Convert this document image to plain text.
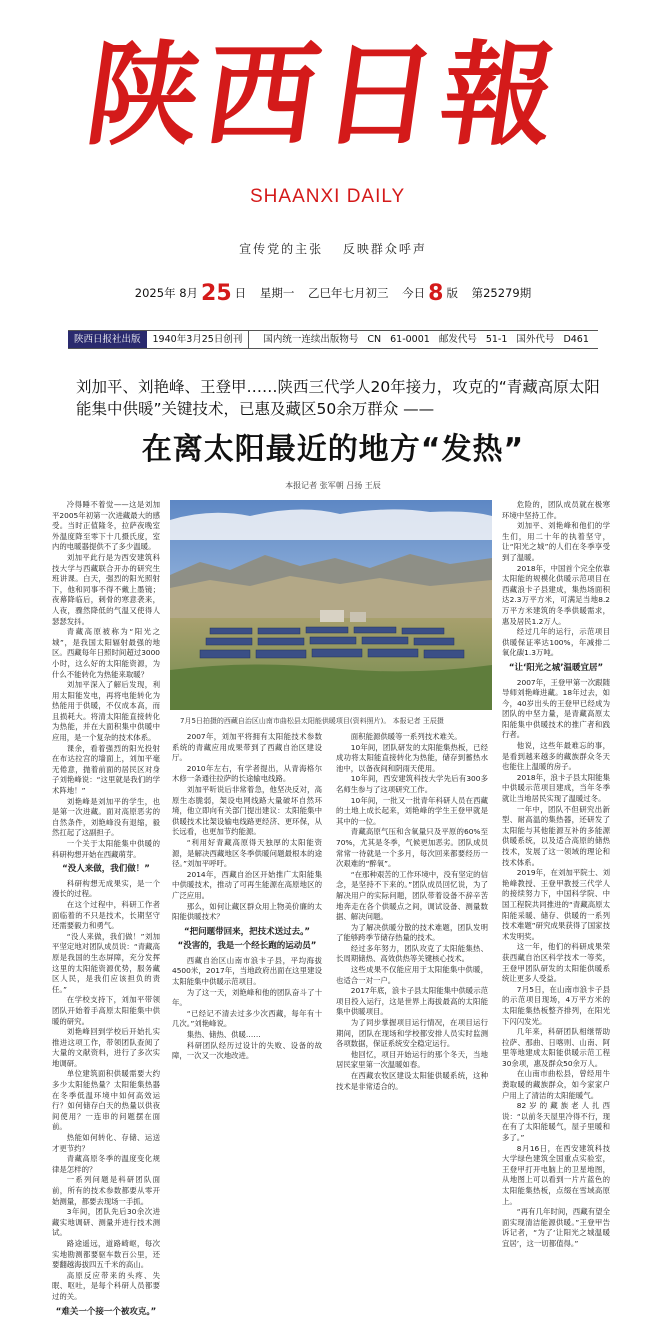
陕西日報
SHAANXI DAILY
宣传党的主张 反映群众呼声
2025年 8月 25 日 星期一 乙巳年七月初三 今日 8 版 第25279期
陕西日报社出版 1940年3月25日创刊 国内统一连续出版物号 CN 61-0001 邮发代号 51-1 国外代号 D461
刘加平、刘艳峰、王登甲……陕西三代学人20年接力，攻克的“青藏高原太阳能集中供暖”关键技术，已惠及藏区50余万群众 ——
在离太阳最近的地方“发热”
本报记者 张军朝 吕扬 王辰
7月5日拍摄的西藏自治区山南市曲松县太阳能供暖项目(资料照片)。 本报记者 王辰摄

冷得睡不着觉——这是刘加平2005年初第一次进藏最大的感受。当时正值隆冬，拉萨夜晚室外温度降至零下十几摄氏度，室内的电暖器提供不了多少温暖。

刘加平此行是为西安建筑科技大学与西藏联合开办的研究生班讲课。白天，强烈的阳光照射下，他和同事不得不戴上墨镜；夜幕降临后，刺骨的寒意袭来，人夜，骤然降低的气温又使得人瑟瑟发抖。

青藏高原被称为“阳光之城”，是我国太阳辐射最强的地区。西藏每年日照时间超过3000小时，这么好的太阳能资源，为什么不能转化为热能来取暖？

刘加平深入了解后发现，利用太阳能发电，再将电能转化为热能用于供暖，不仅成本高，而且损耗大。将清太阳能直接转化为热能，并在大面积集中供暖中应用，是一个复杂的技术体系。

课余，看着强烈的阳光投射在布达拉宫的墙面上，刘加平毫无倦意，抛着前面的居民区对身子刘艳峰说：“这里就是我们的学术阵地！”

刘艳峰是刘加平的学生，也是第一次进藏。面对高原恶劣的自然条件，刘艳峰没有退缩，毅然扛起了这副担子。

一个关于太阳能集中供暖的科研构想开始在西藏萌芽。

“没人来做，我们做！”

科研构想无成果实，是一个漫长的过程。

在这个过程中，科研工作者面临着的不只是技术，长期坚守还需要毅力和勇气。

“没人来做，我们做！”刘加平坚定地对团队成员说：“青藏高原是我国的生态屏障，充分发挥这里的太阳能资源优势，服务藏区人民，是我们应该担负的责任。”

在学校支持下，刘加平带领团队开始着手高原太阳能集中供暖的研究。

刘艳峰回到学校后开始扎实推进这项工作，带领团队查阅了大量的文献资料，进行了多次实地调研。

单位建筑面积供暖需要大约多少太阳能热量？太阳能集热器在冬季低温环境中如何高效运行？如何储存白天的热量以供夜间使用？一连串的问题摆在面前。

热能如何转化、存储、运送才更节约？

青藏高原冬季的温度变化规律是怎样的？

一系列问题是科研团队面前，所有的技术参数都要从零开始测量，都要去现场一手抓。

3年间，团队先后30余次进藏实地调研、测量并进行技术测试。

路途遥远，道路崎岖，每次实地勘测都要驱车数百公里，还要翻越海拔四五千米的高山。

高原反应带来的头疼、失眠、呕吐，是每个科研人员都要过的关。

“难关一个接一个被攻克。”

2007年，刘加平将拥有太阳能技术参数系统的青藏应用成果带到了西藏自治区建设厅。

2010年左右，有学者提出，从青海格尔木修一条通往拉萨的长途输电线路。

刘加平听说后非常着急，他坚决反对，高原生态脆弱，架设电网线路大量破坏自然环境，他立即向有关部门提出建议：太阳能集中供暖技术比架设输电线路更经济、更环保，从长远看，也更加节约能源。

“利用好青藏高原得天独厚的太阳能资源，是解决西藏地区冬季供暖问题最根本的途径。”刘加平呼吁。

2014年，西藏自治区开始推广太阳能集中供暖技术，推动了可再生能源在高原地区的广泛应用。

那么，如何让藏区群众用上物美价廉的太阳能供暖技术？

“把问题带回来，把技术送过去。”

“没害的，我是一个经长跑的运动员”

西藏自治区山南市浪卡子县，平均海拔4500米，2017年，当地政府出面在这里建设太阳能集中供暖示范项目。

为了这一天，刘艳峰和他的团队奋斗了十年。

“已经记不清去过多少次西藏，每年有十几次。”刘艳峰说。

集热、储热、供暖……

科研团队经历过设计的失败、设备的故障，一次又一次地改进。

面积能源供暖等一系列技术难关。

10年间，团队研发的太阳能集热板，已经成功将太阳能直接转化为热能，储存到蓄热水池中，以备夜间和阴雨天使用。

10年间，西安建筑科技大学先后有300多名师生参与了这项研究工作。

10年间，一批又一批青年科研人员在西藏的土地上成长起来，刘艳峰的学生王登甲就是其中的一位。

青藏高原气压和含氧量只及平原的60%至70%，尤其是冬季，气候更加恶劣。团队成员常常一待就是一个多月，每次回来都要经历一次艰难的“醉氧”。

“在那种艰苦的工作环境中，没有坚定的信念，是坚持不下来的。”团队成员回忆说，为了解决用户的实际问题，团队带着设备不辞辛苦地奔走在各个供暖点之间，调试设备、测量数据、解决问题。

为了解决供暖分散的技术难题，团队发明了能够跨季节储存热量的技术。

经过多年努力，团队攻克了太阳能集热、长周期储热、高效供热等关键核心技术。

这些成果不仅能应用于太阳能集中供暖，也适合一对一户。

2017年底，浪卡子县太阳能集中供暖示范项目投入运行，这是世界上海拔最高的太阳能集中供暖项目。

为了同步掌握项目运行情况，在项目运行期间，团队在现场和学校都安排人员实时监测各项数据，保证系统安全稳定运行。

他回忆，项目开始运行的那个冬天，当地居民家里第一次温暖如春。

在西藏农牧区建设太阳能供暖系统，这种技术是非常适合的。

危险的，团队成员就在极寒环境中坚持工作。

刘加平、刘艳峰和他们的学生们，用二十年的执着坚守，让“阳光之城”的人们在冬季享受到了温暖。

2018年，中国首个完全依靠太阳能的规模化供暖示范项目在西藏浪卡子县建成，集热场面积达2.3万平方米，可满足当地8.2万平方米建筑的冬季供暖需求，惠及居民1.2万人。

经过几年的运行，示范项目供暖保证率达100%，年减排二氧化碳1.3万吨。

“让‘阳光之城’温暖宜居”

2007年，王登甲第一次跟随导师刘艳峰进藏。18年过去，如今，40岁出头的王登甲已经成为团队的中坚力量，是青藏高原太阳能集中供暖技术的推广者和践行者。

他说，这些年最难忘的事，是看到越来越多的藏族群众冬天也能住上温暖的房子。

2018年，浪卡子县太阳能集中供暖示范项目建成，当年冬季就让当地居民实现了温暖过冬。

一年中，团队不但研究出新型、耐高温的集热器，还研发了太阳能与其他能源互补的多能源供暖系统，以及适合高原的储热技术，发展了这一领域的理论和技术体系。

2019年，在刘加平院士、刘艳峰教授、王登甲教授三代学人的接续努力下，中国科学院、中国工程院共同推进的“青藏高原太阳能采暖、储存、供暖的一系列技术难题”研究成果获得了国家技术发明奖。

这一年，他们的科研成果荣获西藏自治区科学技术一等奖，王登甲团队研发的太阳能供暖系统让更多人受益。

7月5日，在山南市浪卡子县的示范项目现场，4万平方米的太阳能集热板整齐排列，在阳光下闪闪发光。

几年来，科研团队相继帮助拉萨、那曲、日喀则、山南、阿里等地建成太阳能供暖示范工程30余项，惠及群众50余万人。

在山南市曲松县，曾经用牛粪取暖的藏族群众，如今家家户户用上了清洁的太阳能暖气。

82岁的藏族老人扎西说：“以前冬天屋里冷得不行，现在有了太阳能暖气，屋子里暖和多了。”

8月16日，在西安建筑科技大学绿色建筑全国重点实验室，王登甲打开电脑上的卫星地图，从地图上可以看到一片片蓝色的太阳能集热板，点缀在雪域高原上。

“再有几年时间，西藏有望全面实现清洁能源供暖。”王登甲告诉记者，“为了‘让阳光之城温暖宜居’，这一切都值得。”
